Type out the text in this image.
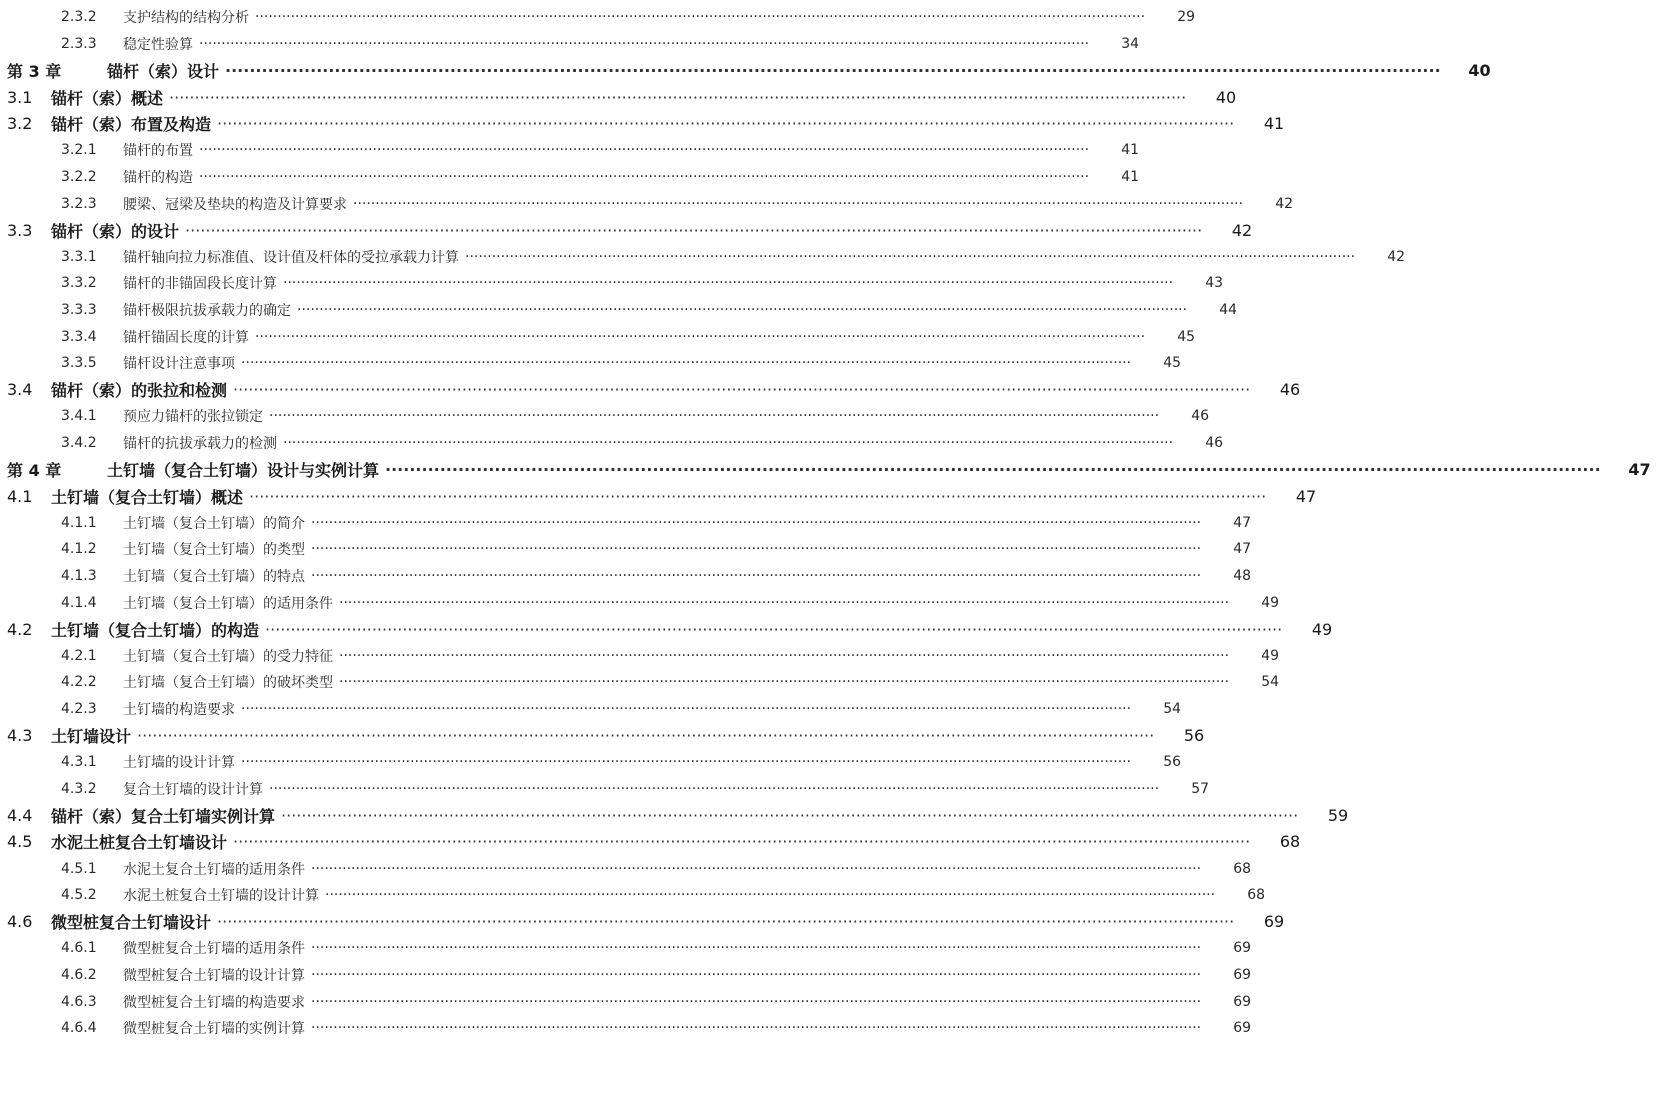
2.3.2	支护结构的结构分析 ········································································································································································································	29
2.3.3	稳定性验算 ········································································································································································································	34
第 3 章	锚杆（索）设计 ········································································································································································································	40
3.1	锚杆（索）概述 ········································································································································································································	40
3.2	锚杆（索）布置及构造 ········································································································································································································	41
3.2.1	锚杆的布置 ········································································································································································································	41
3.2.2	锚杆的构造 ········································································································································································································	41
3.2.3	腰梁、冠梁及垫块的构造及计算要求 ········································································································································································································	42
3.3	锚杆（索）的设计 ········································································································································································································	42
3.3.1	锚杆轴向拉力标准值、设计值及杆体的受拉承载力计算 ········································································································································································································	42
3.3.2	锚杆的非锚固段长度计算 ········································································································································································································	43
3.3.3	锚杆极限抗拔承载力的确定 ········································································································································································································	44
3.3.4	锚杆锚固长度的计算 ········································································································································································································	45
3.3.5	锚杆设计注意事项 ········································································································································································································	45
3.4	锚杆（索）的张拉和检测 ········································································································································································································	46
3.4.1	预应力锚杆的张拉锁定 ········································································································································································································	46
3.4.2	锚杆的抗拔承载力的检测 ········································································································································································································	46
第 4 章	土钉墙（复合土钉墙）设计与实例计算 ········································································································································································································	47
4.1	土钉墙（复合土钉墙）概述 ········································································································································································································	47
4.1.1	土钉墙（复合土钉墙）的简介 ········································································································································································································	47
4.1.2	土钉墙（复合土钉墙）的类型 ········································································································································································································	47
4.1.3	土钉墙（复合土钉墙）的特点 ········································································································································································································	48
4.1.4	土钉墙（复合土钉墙）的适用条件 ········································································································································································································	49
4.2	土钉墙（复合土钉墙）的构造 ········································································································································································································	49
4.2.1	土钉墙（复合土钉墙）的受力特征 ········································································································································································································	49
4.2.2	土钉墙（复合土钉墙）的破坏类型 ········································································································································································································	54
4.2.3	土钉墙的构造要求 ········································································································································································································	54
4.3	土钉墙设计 ········································································································································································································	56
4.3.1	土钉墙的设计计算 ········································································································································································································	56
4.3.2	复合土钉墙的设计计算 ········································································································································································································	57
4.4	锚杆（索）复合土钉墙实例计算 ········································································································································································································	59
4.5	水泥土桩复合土钉墙设计 ········································································································································································································	68
4.5.1	水泥土复合土钉墙的适用条件 ········································································································································································································	68
4.5.2	水泥土桩复合土钉墙的设计计算 ········································································································································································································	68
4.6	微型桩复合土钉墙设计 ········································································································································································································	69
4.6.1	微型桩复合土钉墙的适用条件 ········································································································································································································	69
4.6.2	微型桩复合土钉墙的设计计算 ········································································································································································································	69
4.6.3	微型桩复合土钉墙的构造要求 ········································································································································································································	69
4.6.4	微型桩复合土钉墙的实例计算 ········································································································································································································	69
